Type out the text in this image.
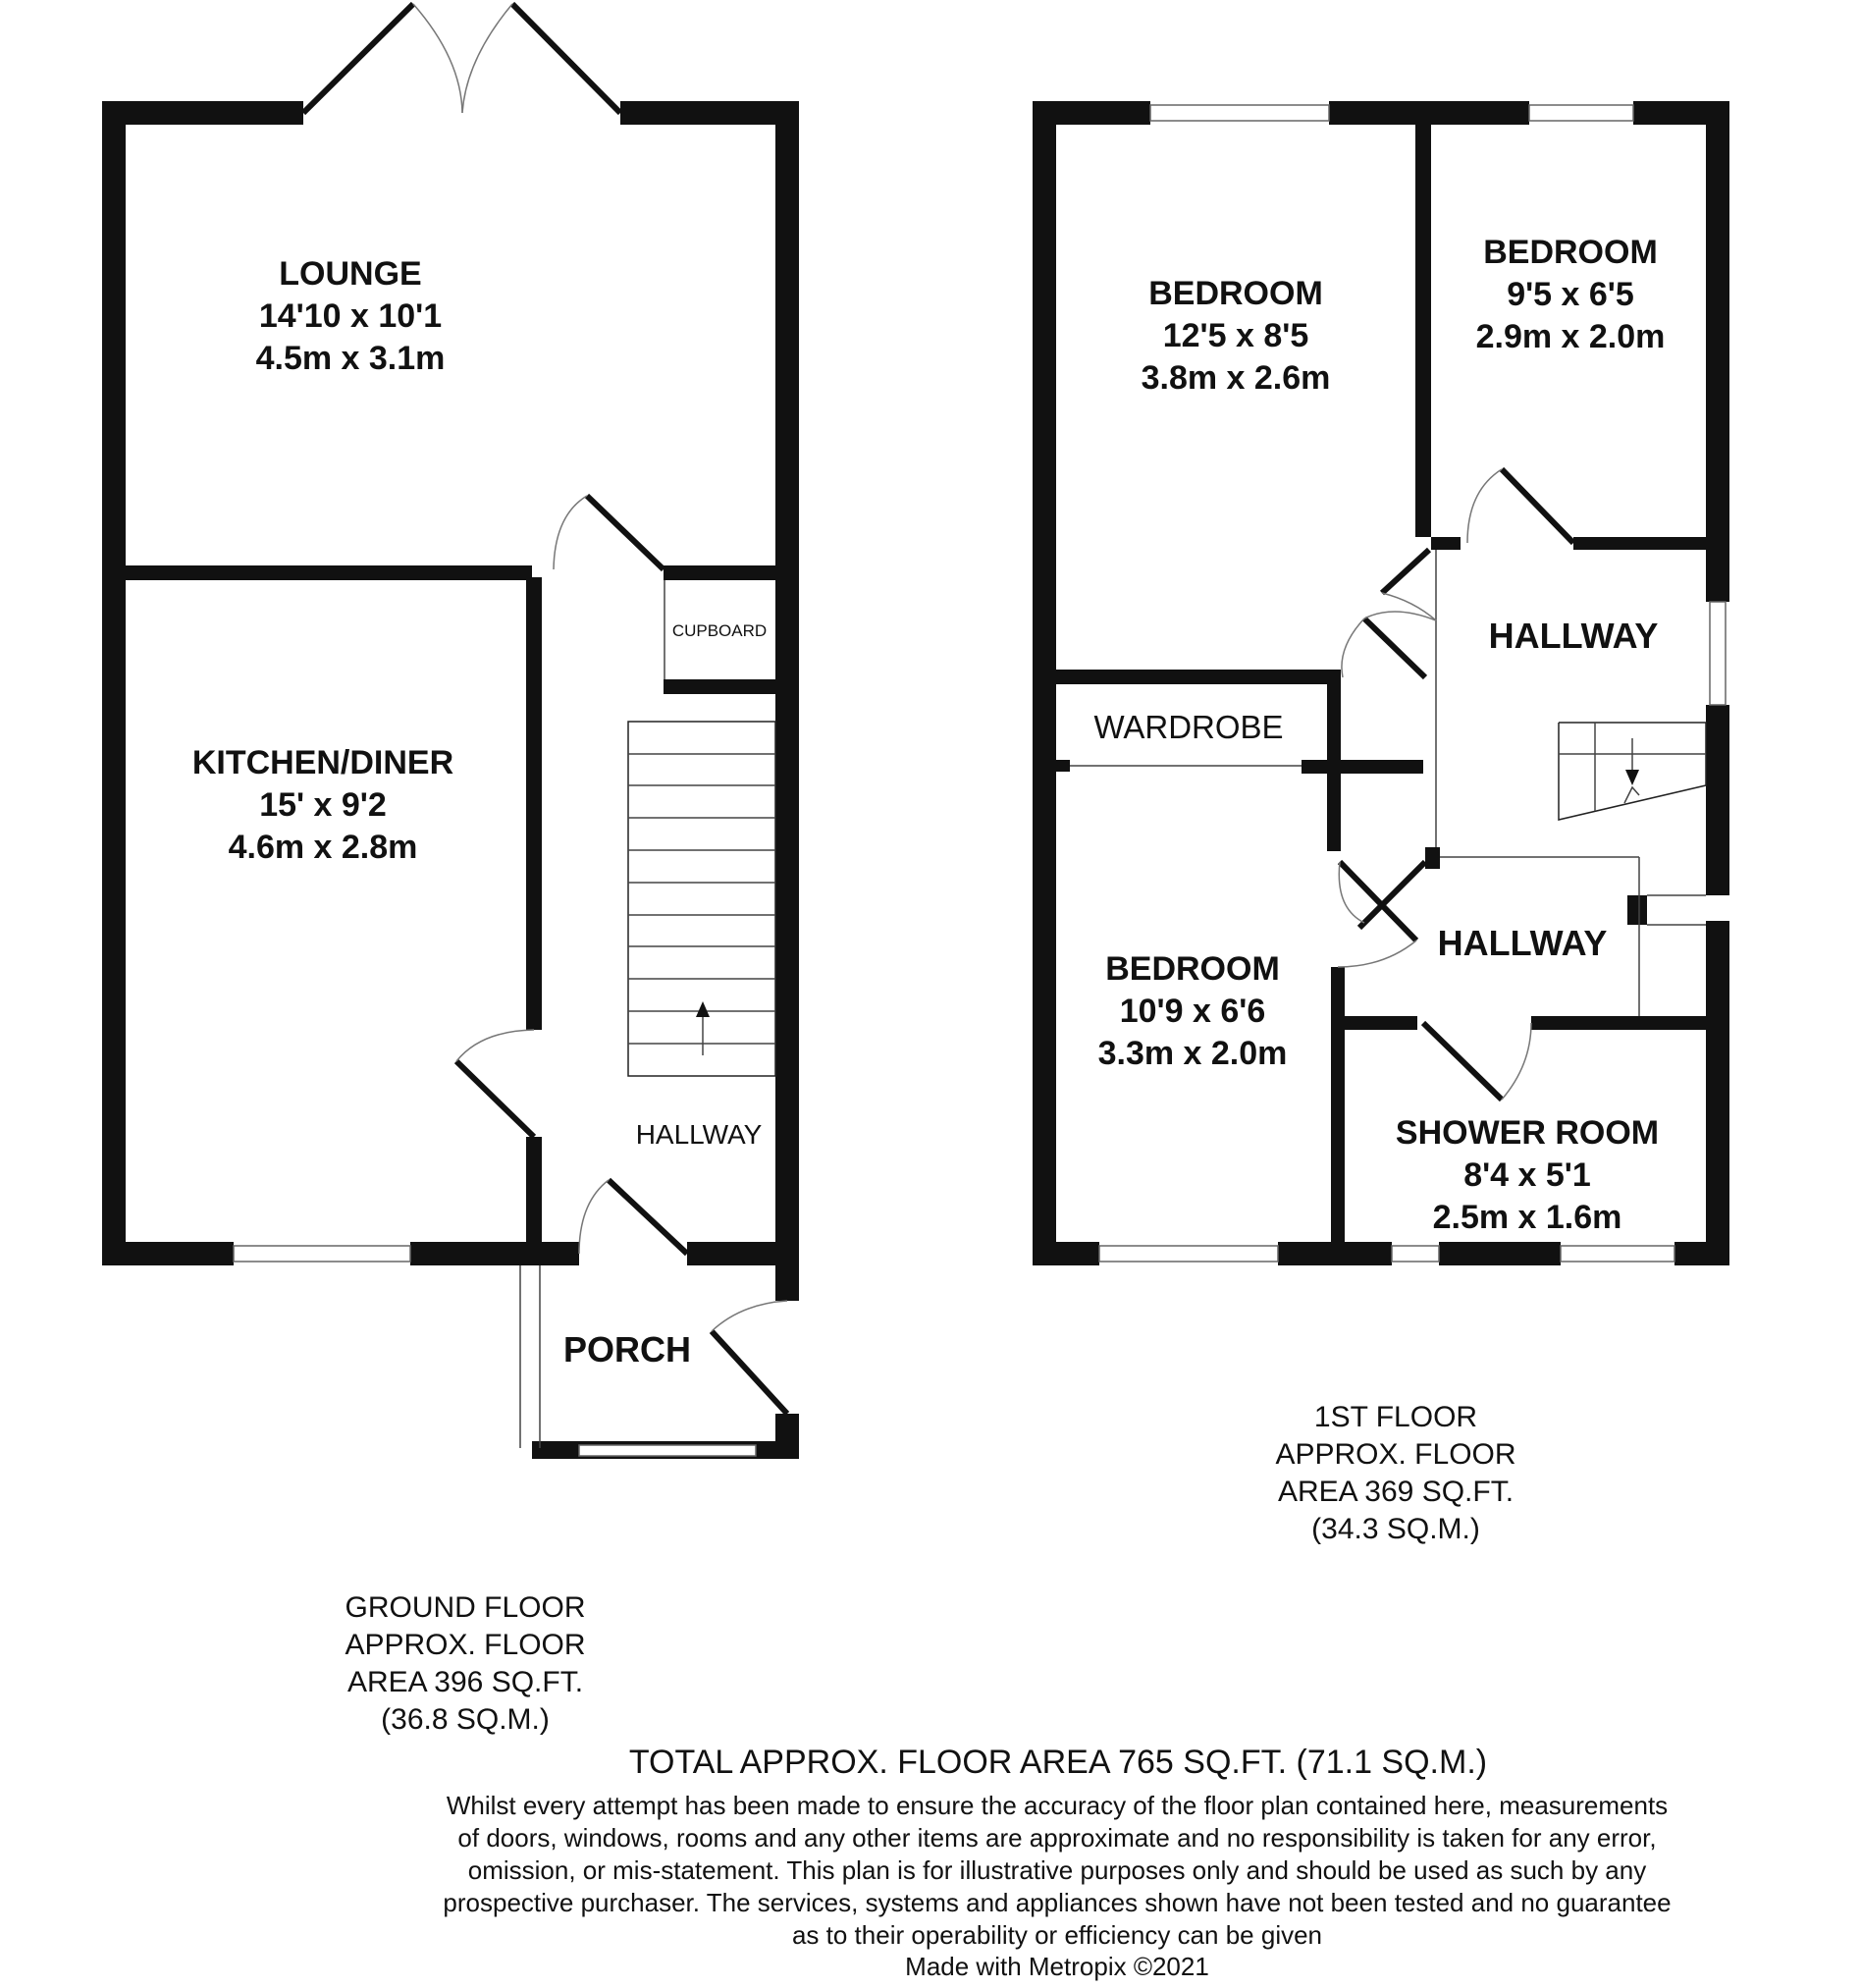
LOUNGE
14'10 x 10'1
4.5m x 3.1m
KITCHEN/DINER
15' x 9'2
4.6m x 2.8m
CUPBOARD
HALLWAY
PORCH
BEDROOM
12'5 x 8'5
3.8m x 2.6m
BEDROOM
9'5 x 6'5
2.9m x 2.0m
WARDROBE
HALLWAY
HALLWAY
BEDROOM
10'9 x 6'6
3.3m x 2.0m
SHOWER ROOM
8'4 x 5'1
2.5m x 1.6m
1ST FLOOR
APPROX. FLOOR
AREA 369 SQ.FT.
(34.3 SQ.M.)
GROUND FLOOR
APPROX. FLOOR
AREA 396 SQ.FT.
(36.8 SQ.M.)
TOTAL APPROX. FLOOR AREA 765 SQ.FT. (71.1 SQ.M.)
Whilst every attempt has been made to ensure the accuracy of the floor plan contained here, measurements
of doors, windows, rooms and any other items are approximate and no responsibility is taken for any error,
omission, or mis-statement. This plan is for illustrative purposes only and should be used as such by any
prospective purchaser. The services, systems and appliances shown have not been tested and no guarantee
as to their operability or efficiency can be given
Made with Metropix ©2021
